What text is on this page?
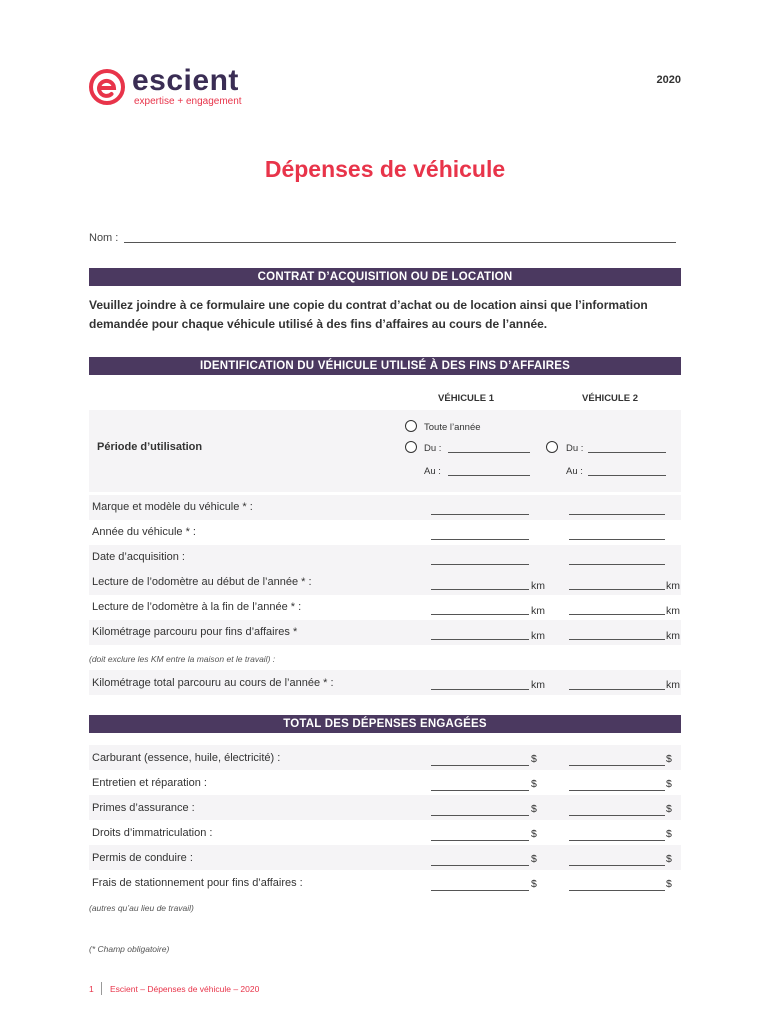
escient
expertise + engagement
2020
Dépenses de véhicule
Nom :
CONTRAT D’ACQUISITION OU DE LOCATION
Veuillez joindre à ce formulaire une copie du contrat d’achat ou de location ainsi que l’information demandée pour chaque véhicule utilisé à des fins d’affaires au cours de l’année.
IDENTIFICATION DU VÉHICULE UTILISÉ À DES FINS D’AFFAIRES
VÉHICULE 1	VÉHICULE 2
Période d’utilisation
Toute l’année
Du :	Du :
Au :	Au :
Marque et modèle du véhicule * :
Année du véhicule * :
Date d’acquisition :
Lecture de l’odomètre au début de l’année * :	km	km
Lecture de l’odomètre à la fin de l’année * :	km	km
Kilométrage parcouru pour fins d’affaires *	km	km
(doit exclure les KM entre la maison et le travail) :
Kilométrage total parcouru au cours de l’année * :	km	km
TOTAL DES DÉPENSES ENGAGÉES
Carburant (essence, huile, électricité) :	$	$
Entretien et réparation :	$	$
Primes d’assurance :	$	$
Droits d’immatriculation :	$	$
Permis de conduire :	$	$
Frais de stationnement pour fins d’affaires :	$	$
(autres qu’au lieu de travail)
(* Champ obligatoire)
1 Escient – Dépenses de véhicule – 2020
